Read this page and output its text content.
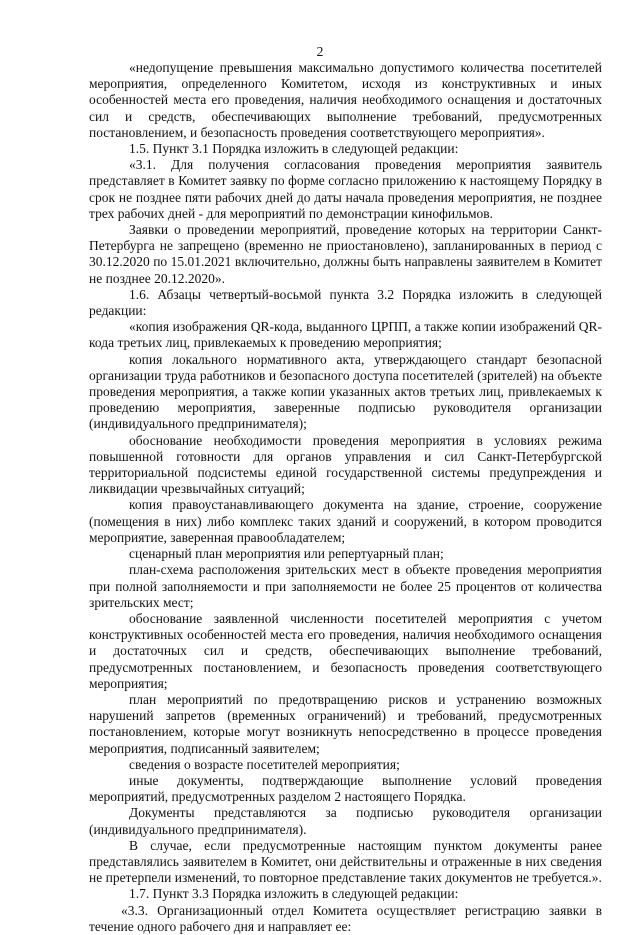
2

«недопущение превышения максимально допустимого количества посетителей мероприятия, определенного Комитетом, исходя из конструктивных и иных особенностей места его проведения, наличия необходимого оснащения и достаточных сил и средств, обеспечивающих выполнение требований, предусмотренных постановлением, и безопасность проведения соответствующего мероприятия».

1.5. Пункт 3.1 Порядка изложить в следующей редакции:

«3.1. Для получения согласования проведения мероприятия заявитель представляет в Комитет заявку по форме согласно приложению к настоящему Порядку в срок не позднее пяти рабочих дней до даты начала проведения мероприятия, не позднее трех рабочих дней - для мероприятий по демонстрации кинофильмов.

Заявки о проведении мероприятий, проведение которых на территории Санкт-Петербурга не запрещено (временно не приостановлено), запланированных в период с 30.12.2020 по 15.01.2021 включительно, должны быть направлены заявителем в Комитет не позднее 20.12.2020».

1.6. Абзацы четвертый-восьмой пункта 3.2 Порядка изложить в следующей редакции:

«копия изображения QR-кода, выданного ЦРПП, а также копии изображений QR-кода третьих лиц, привлекаемых к проведению мероприятия;

копия локального нормативного акта, утверждающего стандарт безопасной организации труда работников и безопасного доступа посетителей (зрителей) на объекте проведения мероприятия, а также копии указанных актов третьих лиц, привлекаемых к проведению мероприятия, заверенные подписью руководителя организации (индивидуального предпринимателя);

обоснование необходимости проведения мероприятия в условиях режима повышенной готовности для органов управления и сил Санкт-Петербургской территориальной подсистемы единой государственной системы предупреждения и ликвидации чрезвычайных ситуаций;

копия правоустанавливающего документа на здание, строение, сооружение (помещения в них) либо комплекс таких зданий и сооружений, в котором проводится мероприятие, заверенная правообладателем;

сценарный план мероприятия или репертуарный план;

план-схема расположения зрительских мест в объекте проведения мероприятия при полной заполняемости и при заполняемости не более 25 процентов от количества зрительских мест;

обоснование заявленной численности посетителей мероприятия с учетом конструктивных особенностей места его проведения, наличия необходимого оснащения и достаточных сил и средств, обеспечивающих выполнение требований, предусмотренных постановлением, и безопасность проведения соответствующего мероприятия;

план мероприятий по предотвращению рисков и устранению возможных нарушений запретов (временных ограничений) и требований, предусмотренных постановлением, которые могут возникнуть непосредственно в процессе проведения мероприятия, подписанный заявителем;

сведения о возрасте посетителей мероприятия;

иные документы, подтверждающие выполнение условий проведения мероприятий, предусмотренных разделом 2 настоящего Порядка.

Документы представляются за подписью руководителя организации (индивидуального предпринимателя).

В случае, если предусмотренные настоящим пунктом документы ранее представлялись заявителем в Комитет, они действительны и отраженные в них сведения не претерпели изменений, то повторное представление таких документов не требуется.».

1.7. Пункт 3.3 Порядка изложить в следующей редакции:

«3.3. Организационный отдел Комитета осуществляет регистрацию заявки в течение одного рабочего дня и направляет ее:
